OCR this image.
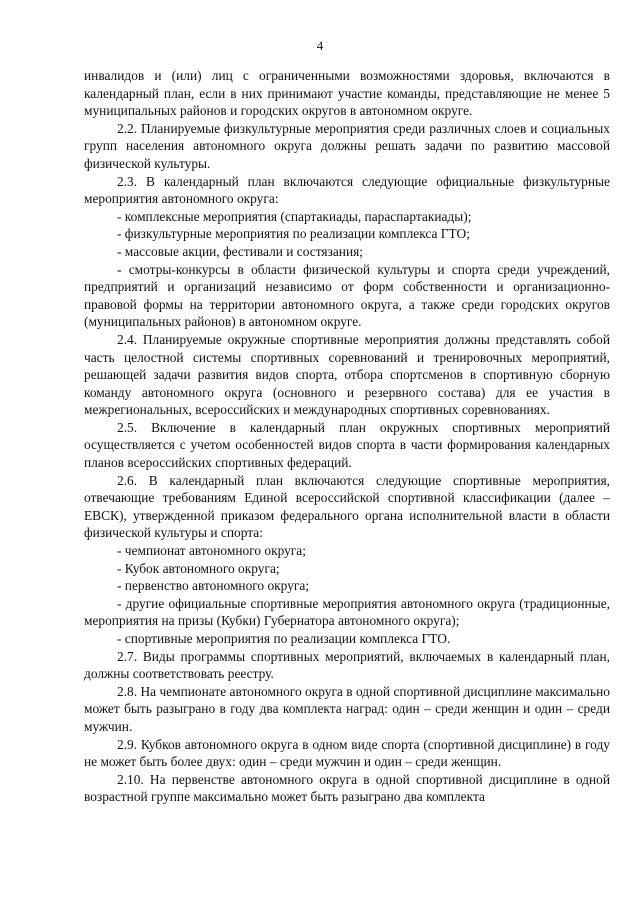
4

инвалидов и (или) лиц с ограниченными возможностями здоровья, включаются в календарный план, если в них принимают участие команды, представляющие не менее 5 муниципальных районов и городских округов в автономном округе.

2.2. Планируемые физкультурные мероприятия среди различных слоев и социальных групп населения автономного округа должны решать задачи по развитию массовой физической культуры.

2.3. В календарный план включаются следующие официальные физкультурные мероприятия автономного округа:

- комплексные мероприятия (спартакиады, параспартакиады);

- физкультурные мероприятия по реализации комплекса ГТО;

- массовые акции, фестивали и состязания;

- смотры-конкурсы в области физической культуры и спорта среди учреждений, предприятий и организаций независимо от форм собственности и организационно-правовой формы на территории автономного округа, а также среди городских округов (муниципальных районов) в автономном округе.

2.4. Планируемые окружные спортивные мероприятия должны представлять собой часть целостной системы спортивных соревнований и тренировочных мероприятий, решающей задачи развития видов спорта, отбора спортсменов в спортивную сборную команду автономного округа (основного и резервного состава) для ее участия в межрегиональных, всероссийских и международных спортивных соревнованиях.

2.5. Включение в календарный план окружных спортивных мероприятий осуществляется с учетом особенностей видов спорта в части формирования календарных планов всероссийских спортивных федераций.

2.6. В календарный план включаются следующие спортивные мероприятия, отвечающие требованиям Единой всероссийской спортивной классификации (далее – ЕВСК), утвержденной приказом федерального органа исполнительной власти в области физической культуры и спорта:

- чемпионат автономного округа;

- Кубок автономного округа;

- первенство автономного округа;

- другие официальные спортивные мероприятия автономного округа (традиционные, мероприятия на призы (Кубки) Губернатора автономного округа);

- спортивные мероприятия по реализации комплекса ГТО.

2.7. Виды программы спортивных мероприятий, включаемых в календарный план, должны соответствовать реестру.

2.8. На чемпионате автономного округа в одной спортивной дисциплине максимально может быть разыграно в году два комплекта наград: один – среди женщин и один – среди мужчин.

2.9. Кубков автономного округа в одном виде спорта (спортивной дисциплине) в году не может быть более двух: один – среди мужчин и один – среди женщин.

2.10. На первенстве автономного округа в одной спортивной дисциплине в одной возрастной группе максимально может быть разыграно два комплекта
